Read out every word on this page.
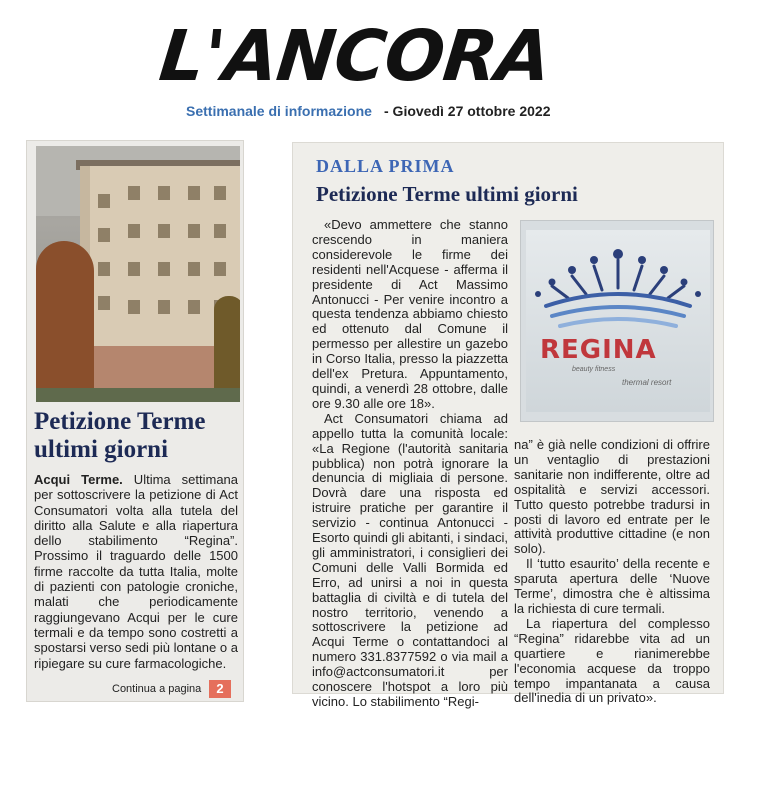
L'ANCORA
Settimanale di informazione - Giovedì 27 ottobre 2022
Petizione Terme
ultimi giorni
Acqui Terme. Ultima settimana per sottoscrivere la petizione di Act Consumatori volta alla tutela del diritto alla Salute e alla riapertura dello stabilimento “Regina”. Prossimo il traguardo delle 1500 firme raccolte da tutta Italia, molte di pazienti con patologie croniche, malati che periodicamente raggiungevano Acqui per le cure termali e da tempo sono costretti a spostarsi verso sedi più lontane o a ripiegare su cure farmacologiche.
Continua a pagina	2
DALLA PRIMA
Petizione Terme ultimi giorni
REGINA
beauty fitness
thermal resort

«Devo ammettere che stanno crescendo in maniera considerevole le firme dei residenti nell'Acquese - afferma il presidente di Act Massimo Antonucci - Per venire incontro a questa tendenza abbiamo chiesto ed ottenuto dal Comune il permesso per allestire un gazebo in Corso Italia, presso la piazzetta dell'ex Pretura. Appuntamento, quindi, a venerdì 28 ottobre, dalle ore 9.30 alle ore 18».

Act Consumatori chiama ad appello tutta la comunità locale: «La Regione (l'autorità sanitaria pubblica) non potrà ignorare la denuncia di migliaia di persone. Dovrà dare una risposta ed istruire pratiche per garantire il servizio - continua Antonucci - Esorto quindi gli abitanti, i sindaci, gli amministratori, i consiglieri dei Comuni delle Valli Bormida ed Erro, ad unirsi a noi in questa battaglia di civiltà e di tutela del nostro territorio, venendo a sottoscrivere la petizione ad Acqui Terme o contattandoci al numero 331.8377592 o via mail a info@actconsumatori.it per conoscere l'hotspot a loro più vicino. Lo stabilimento “Regi-

na” è già nelle condizioni di offrire un ventaglio di prestazioni sanitarie non indifferente, oltre ad ospitalità e servizi accessori. Tutto questo potrebbe tradursi in posti di lavoro ed entrate per le attività produttive cittadine (e non solo).

Il ‘tutto esaurito’ della recente e sparuta apertura delle ‘Nuove Terme’, dimostra che è altissima la richiesta di cure termali.

La riapertura del complesso “Regina” ridarebbe vita ad un quartiere e rianimerebbe l'economia acquese da troppo tempo impantanata a causa dell'inedia di un privato».
